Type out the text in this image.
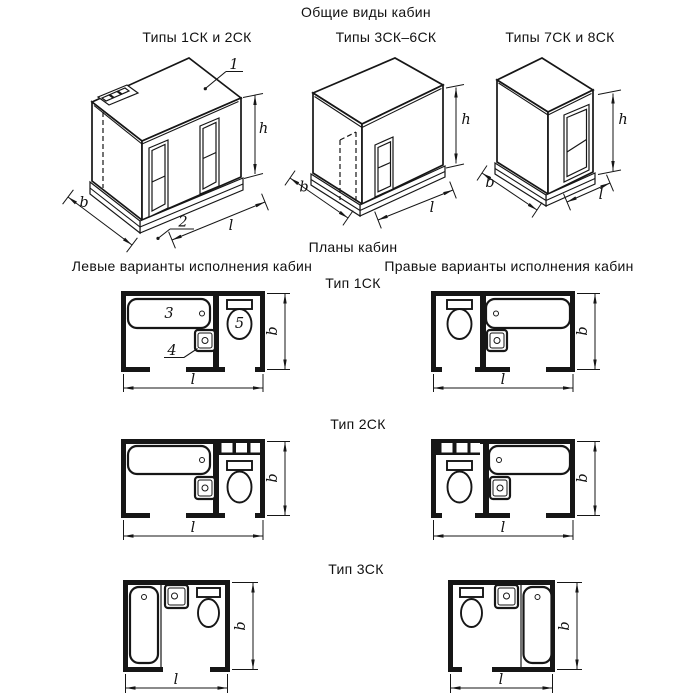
Общие виды кабин
Типы 1СК и 2СК	Типы 3СК–6СК	Типы 7СК и 8СК
1
2
b
l
h
b
l
h
b
l
h
Планы кабин
Левые варианты исполнения кабин	Правые варианты исполнения кабин
Тип 1СК
Тип 2СК
Тип 3СК
3
4
5 b
l
b
l
b
l
b
l
b
l
b
l
